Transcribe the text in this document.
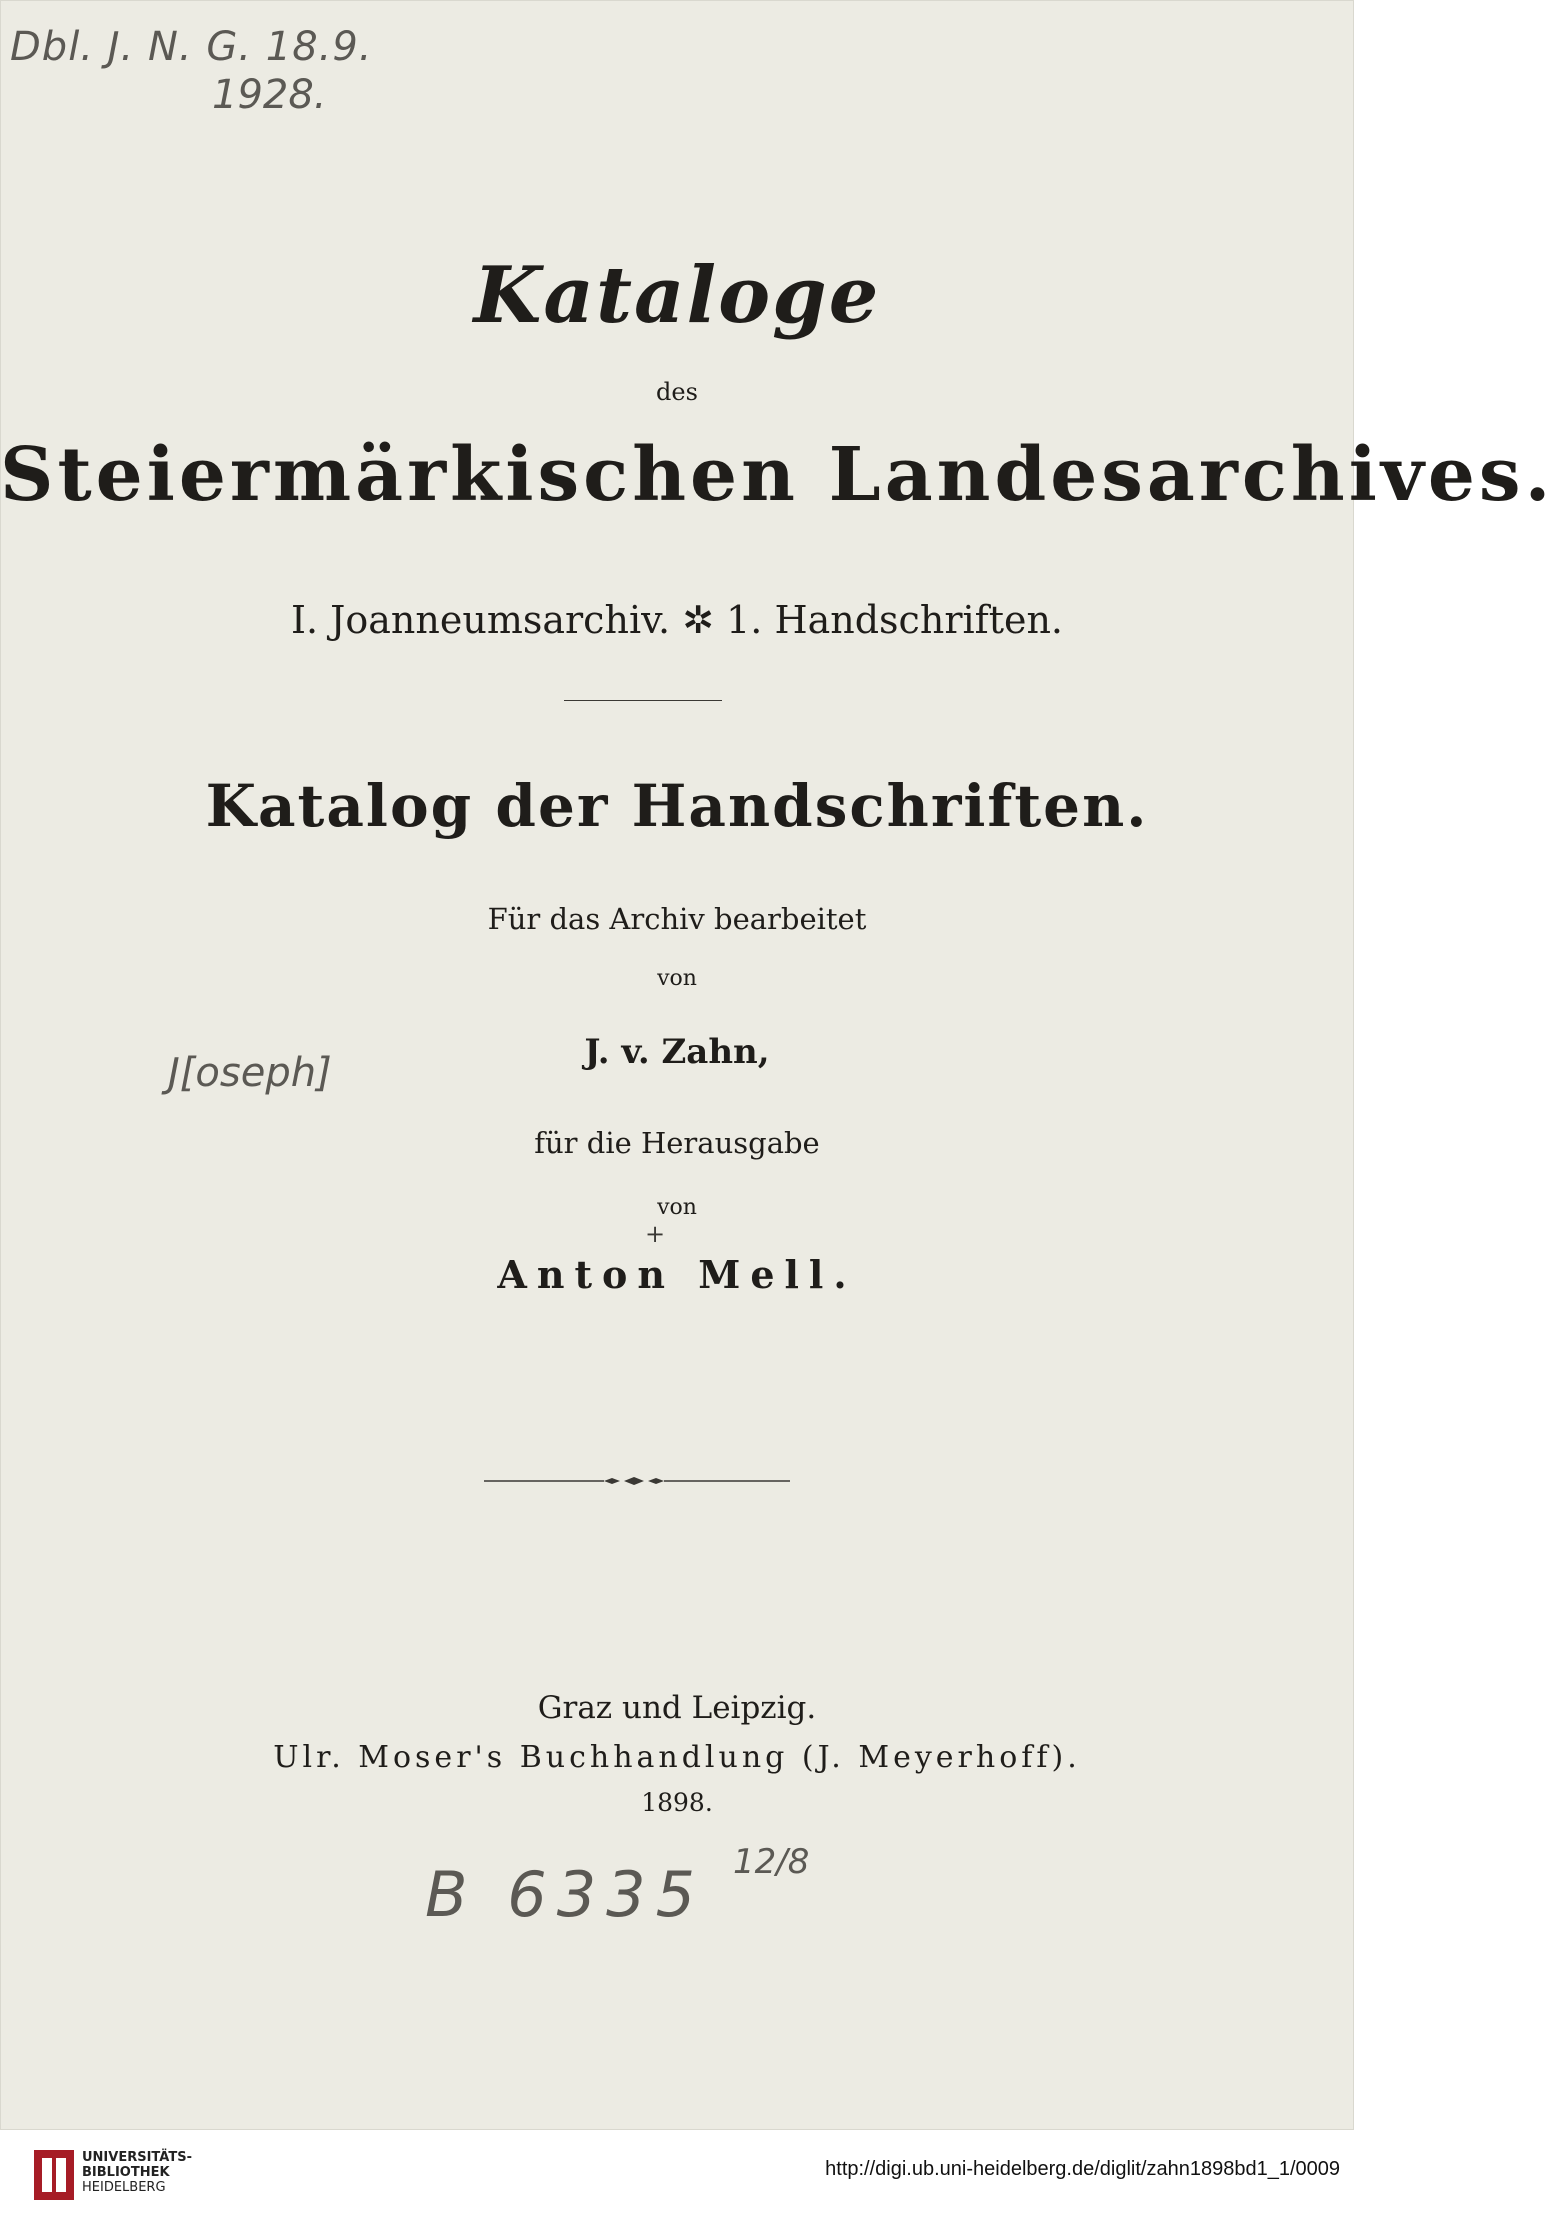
Dbl. J. N. G. 18.9.
1928.
Kataloge
des
Steiermärkischen Landesarchives.
I. Joanneumsarchiv. ✲ 1. Handschriften.
Katalog der Handschriften.
Für das Archiv bearbeitet
von
J[oseph]	J. v. Zahn,
für die Herausgabe
von
+
Anton Mell.
Graz und Leipzig.
Ulr. Moser's Buchhandlung (J. Meyerhoff).
1898.
B 6335 12/8
UNIVERSITÄTS-
BIBLIOTHEK
HEIDELBERG
http://digi.ub.uni-heidelberg.de/diglit/zahn1898bd1_1/0009
